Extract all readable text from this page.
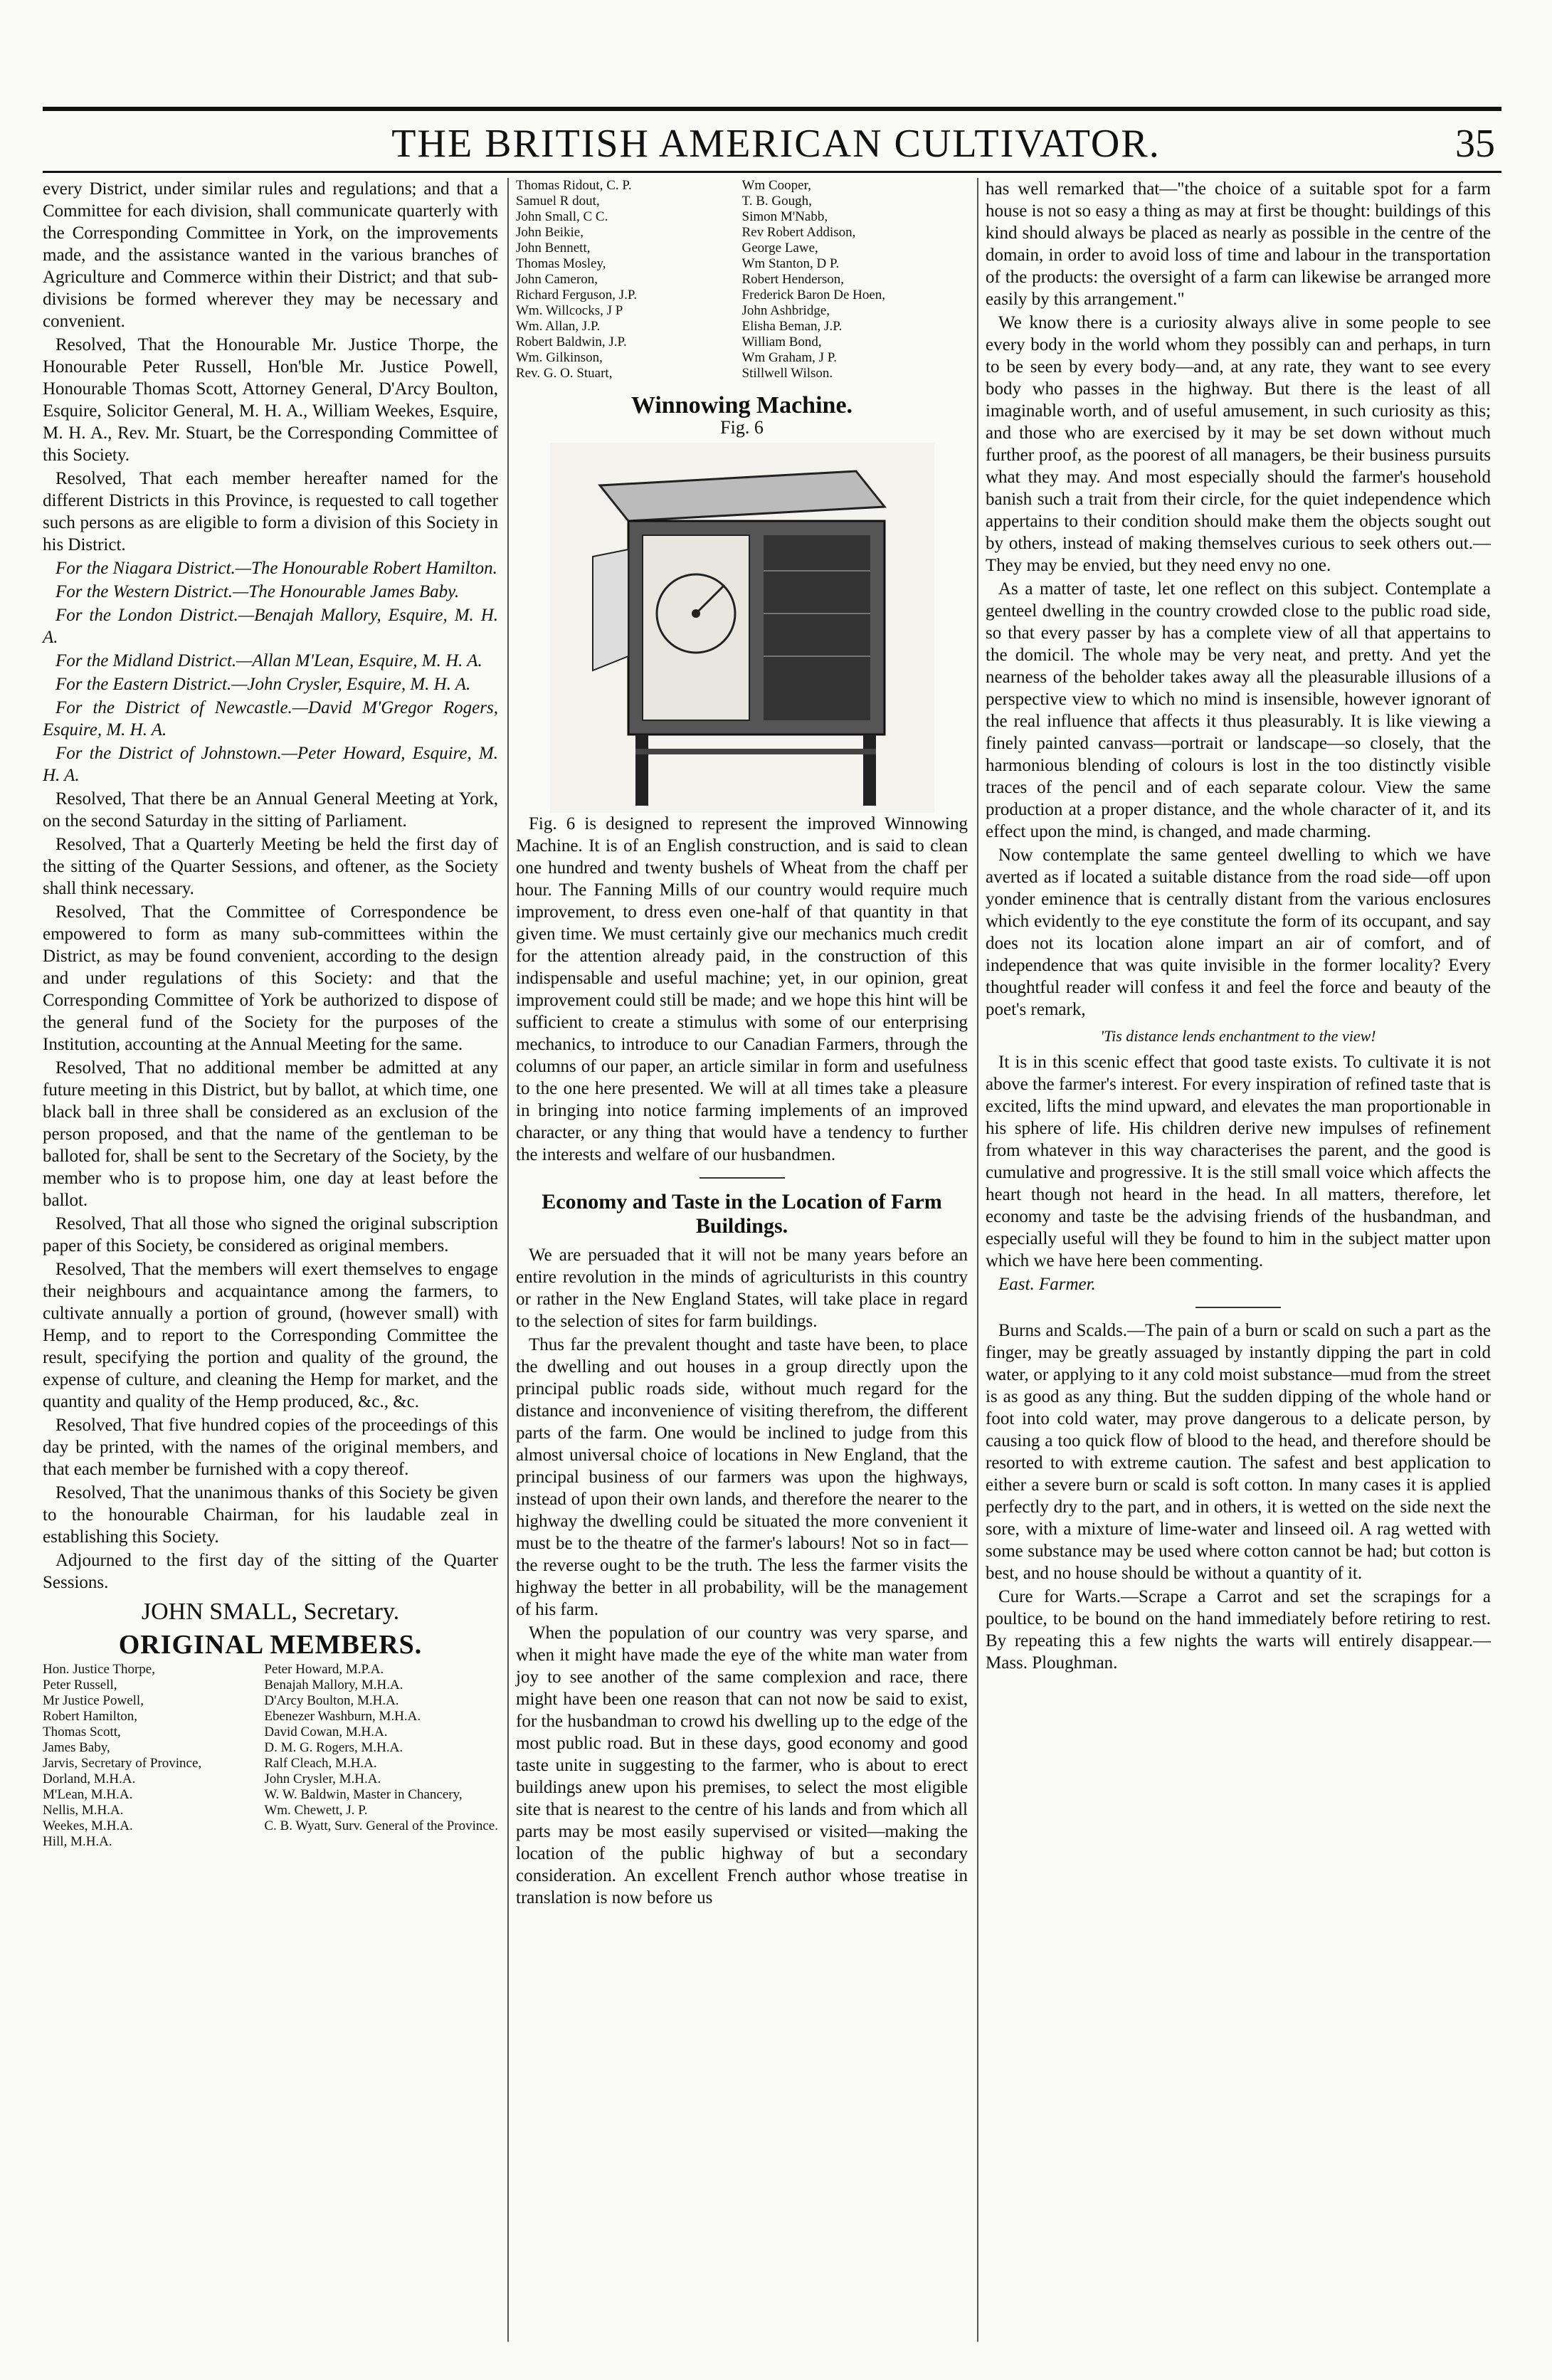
THE BRITISH AMERICAN CULTIVATOR.	35

every District, under similar rules and regulations; and that a Committee for each division, shall communicate quarterly with the Corresponding Committee in York, on the improvements made, and the assistance wanted in the various branches of Agriculture and Commerce within their District; and that sub-divisions be formed wherever they may be necessary and convenient.

Resolved, That the Honourable Mr. Justice Thorpe, the Honourable Peter Russell, Hon'ble Mr. Justice Powell, Honourable Thomas Scott, Attorney General, D'Arcy Boulton, Esquire, Solicitor General, M. H. A., William Weekes, Esquire, M. H. A., Rev. Mr. Stuart, be the Corresponding Committee of this Society.

Resolved, That each member hereafter named for the different Districts in this Province, is requested to call together such persons as are eligible to form a division of this Society in his District.

For the Niagara District.—The Honourable Robert Hamilton.

For the Western District.—The Honourable James Baby.

For the London District.—Benajah Mallory, Esquire, M. H. A.

For the Midland District.—Allan M'Lean, Esquire, M. H. A.

For the Eastern District.—John Crysler, Esquire, M. H. A.

For the District of Newcastle.—David M'Gregor Rogers, Esquire, M. H. A.

For the District of Johnstown.—Peter Howard, Esquire, M. H. A.

Resolved, That there be an Annual General Meeting at York, on the second Saturday in the sitting of Parliament.

Resolved, That a Quarterly Meeting be held the first day of the sitting of the Quarter Sessions, and oftener, as the Society shall think necessary.

Resolved, That the Committee of Correspondence be empowered to form as many sub-committees within the District, as may be found convenient, according to the design and under regulations of this Society: and that the Corresponding Committee of York be authorized to dispose of the general fund of the Society for the purposes of the Institution, accounting at the Annual Meeting for the same.

Resolved, That no additional member be admitted at any future meeting in this District, but by ballot, at which time, one black ball in three shall be considered as an exclusion of the person proposed, and that the name of the gentleman to be balloted for, shall be sent to the Secretary of the Society, by the member who is to propose him, one day at least before the ballot.

Resolved, That all those who signed the original subscription paper of this Society, be considered as original members.

Resolved, That the members will exert themselves to engage their neighbours and acquaintance among the farmers, to cultivate annually a portion of ground, (however small) with Hemp, and to report to the Corresponding Committee the result, specifying the portion and quality of the ground, the expense of culture, and cleaning the Hemp for market, and the quantity and quality of the Hemp produced, &c., &c.

Resolved, That five hundred copies of the proceedings of this day be printed, with the names of the original members, and that each member be furnished with a copy thereof.

Resolved, That the unanimous thanks of this Society be given to the honourable Chairman, for his laudable zeal in establishing this Society.

Adjourned to the first day of the sitting of the Quarter Sessions.

JOHN SMALL, Secretary.
ORIGINAL MEMBERS.
Hon. Justice Thorpe,
Peter Russell,
Mr Justice Powell,
Robert Hamilton,
Thomas Scott,
James Baby,
Jarvis, Secretary of Province,
Dorland, M.H.A.
M'Lean, M.H.A.
Nellis, M.H.A.
Weekes, M.H.A.
Hill, M.H.A.
Peter Howard, M.P.A.
Benajah Mallory, M.H.A.
D'Arcy Boulton, M.H.A.
Ebenezer Washburn, M.H.A.
David Cowan, M.H.A.
D. M. G. Rogers, M.H.A.
Ralf Cleach, M.H.A.
John Crysler, M.H.A.
W. W. Baldwin, Master in Chancery,
Wm. Chewett, J. P.
C. B. Wyatt, Surv. General of the Province.
Thomas Ridout, C. P.
Samuel R dout,
John Small, C C.
John Beikie,
John Bennett,
Thomas Mosley,
John Cameron,
Richard Ferguson, J.P.
Wm. Willcocks, J P
Wm. Allan, J.P.
Robert Baldwin, J.P.
Wm. Gilkinson,
Rev. G. O. Stuart,
Wm Cooper,
T. B. Gough,
Simon M'Nabb,
Rev Robert Addison,
George Lawe,
Wm Stanton, D P.
Robert Henderson,
Frederick Baron De Hoen,
John Ashbridge,
Elisha Beman, J.P.
William Bond,
Wm Graham, J P.
Stillwell Wilson.
Winnowing Machine.
Fig. 6

Fig. 6 is designed to represent the improved Winnowing Machine. It is of an English construction, and is said to clean one hundred and twenty bushels of Wheat from the chaff per hour. The Fanning Mills of our country would require much improvement, to dress even one-half of that quantity in that given time. We must certainly give our mechanics much credit for the attention already paid, in the construction of this indispensable and useful machine; yet, in our opinion, great improvement could still be made; and we hope this hint will be sufficient to create a stimulus with some of our enterprising mechanics, to introduce to our Canadian Farmers, through the columns of our paper, an article similar in form and usefulness to the one here presented. We will at all times take a pleasure in bringing into notice farming implements of an improved character, or any thing that would have a tendency to further the interests and welfare of our husbandmen.

Economy and Taste in the Location of Farm Buildings.

We are persuaded that it will not be many years before an entire revolution in the minds of agriculturists in this country or rather in the New England States, will take place in regard to the selection of sites for farm buildings.

Thus far the prevalent thought and taste have been, to place the dwelling and out houses in a group directly upon the principal public roads side, without much regard for the distance and inconvenience of visiting therefrom, the different parts of the farm. One would be inclined to judge from this almost universal choice of locations in New England, that the principal business of our farmers was upon the highways, instead of upon their own lands, and therefore the nearer to the highway the dwelling could be situated the more convenient it must be to the theatre of the farmer's labours! Not so in fact—the reverse ought to be the truth. The less the farmer visits the highway the better in all probability, will be the management of his farm.

When the population of our country was very sparse, and when it might have made the eye of the white man water from joy to see another of the same complexion and race, there might have been one reason that can not now be said to exist, for the husbandman to crowd his dwelling up to the edge of the most public road. But in these days, good economy and good taste unite in suggesting to the farmer, who is about to erect buildings anew upon his premises, to select the most eligible site that is nearest to the centre of his lands and from which all parts may be most easily supervised or visited—making the location of the public highway of but a secondary consideration. An excellent French author whose treatise in translation is now before us

has well remarked that—"the choice of a suitable spot for a farm house is not so easy a thing as may at first be thought: buildings of this kind should always be placed as nearly as possible in the centre of the domain, in order to avoid loss of time and labour in the transportation of the products: the oversight of a farm can likewise be arranged more easily by this arrangement."

We know there is a curiosity always alive in some people to see every body in the world whom they possibly can and perhaps, in turn to be seen by every body—and, at any rate, they want to see every body who passes in the highway. But there is the least of all imaginable worth, and of useful amusement, in such curiosity as this; and those who are exercised by it may be set down without much further proof, as the poorest of all managers, be their business pursuits what they may. And most especially should the farmer's household banish such a trait from their circle, for the quiet independence which appertains to their condition should make them the objects sought out by others, instead of making themselves curious to seek others out.—They may be envied, but they need envy no one.

As a matter of taste, let one reflect on this subject. Contemplate a genteel dwelling in the country crowded close to the public road side, so that every passer by has a complete view of all that appertains to the domicil. The whole may be very neat, and pretty. And yet the nearness of the beholder takes away all the pleasurable illusions of a perspective view to which no mind is insensible, however ignorant of the real influence that affects it thus pleasurably. It is like viewing a finely painted canvass—portrait or landscape—so closely, that the harmonious blending of colours is lost in the too distinctly visible traces of the pencil and of each separate colour. View the same production at a proper distance, and the whole character of it, and its effect upon the mind, is changed, and made charming.

Now contemplate the same genteel dwelling to which we have averted as if located a suitable distance from the road side—off upon yonder eminence that is centrally distant from the various enclosures which evidently to the eye constitute the form of its occupant, and say does not its location alone impart an air of comfort, and of independence that was quite invisible in the former locality? Every thoughtful reader will confess it and feel the force and beauty of the poet's remark,

'Tis distance lends enchantment to the view!

It is in this scenic effect that good taste exists. To cultivate it is not above the farmer's interest. For every inspiration of refined taste that is excited, lifts the mind upward, and elevates the man proportionable in his sphere of life. His children derive new impulses of refinement from whatever in this way characterises the parent, and the good is cumulative and progressive. It is the still small voice which affects the heart though not heard in the head. In all matters, therefore, let economy and taste be the advising friends of the husbandman, and especially useful will they be found to him in the subject matter upon which we have here been commenting.

East. Farmer.

Burns and Scalds.—The pain of a burn or scald on such a part as the finger, may be greatly assuaged by instantly dipping the part in cold water, or applying to it any cold moist substance—mud from the street is as good as any thing. But the sudden dipping of the whole hand or foot into cold water, may prove dangerous to a delicate person, by causing a too quick flow of blood to the head, and therefore should be resorted to with extreme caution. The safest and best application to either a severe burn or scald is soft cotton. In many cases it is applied perfectly dry to the part, and in others, it is wetted on the side next the sore, with a mixture of lime-water and linseed oil. A rag wetted with some substance may be used where cotton cannot be had; but cotton is best, and no house should be without a quantity of it.

Cure for Warts.—Scrape a Carrot and set the scrapings for a poultice, to be bound on the hand immediately before retiring to rest. By repeating this a few nights the warts will entirely disappear.—Mass. Ploughman.
